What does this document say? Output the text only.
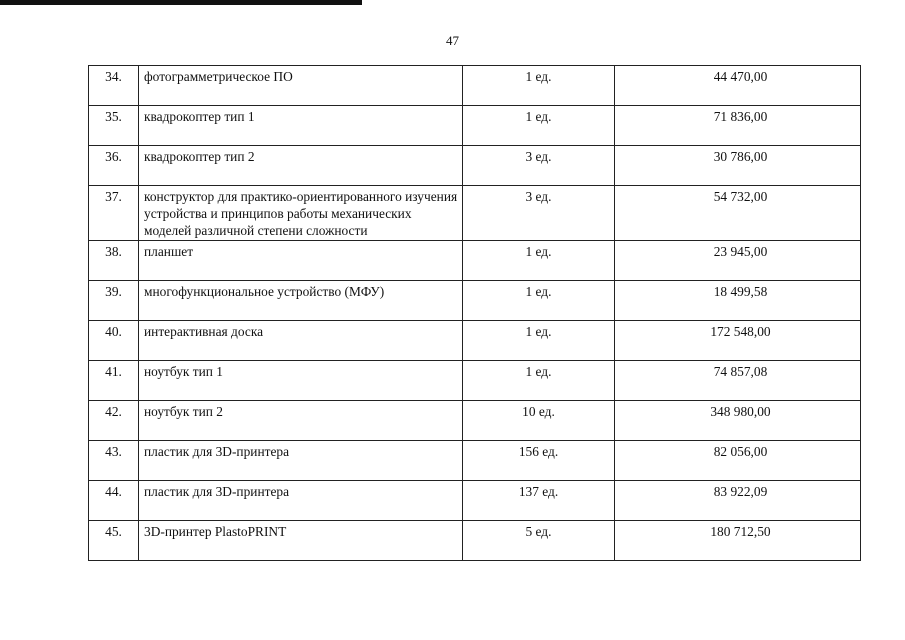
47
34.	фотограмметрическое ПО	1 ед.	44 470,00
35.	квадрокоптер тип 1	1 ед.	71 836,00
36.	квадрокоптер тип 2	3 ед.	30 786,00
37.	конструктор для практико-ориентированного изучения устройства и принципов работы механических моделей различной степени сложности	3 ед.	54 732,00
38.	планшет	1 ед.	23 945,00
39.	многофункциональное устройство (МФУ)	1 ед.	18 499,58
40.	интерактивная доска	1 ед.	172 548,00
41.	ноутбук тип 1	1 ед.	74 857,08
42.	ноутбук тип 2	10 ед.	348 980,00
43.	пластик для 3D-принтера	156 ед.	82 056,00
44.	пластик для 3D-принтера	137 ед.	83 922,09
45.	3D-принтер PlastoPRINT	5 ед.	180 712,50
